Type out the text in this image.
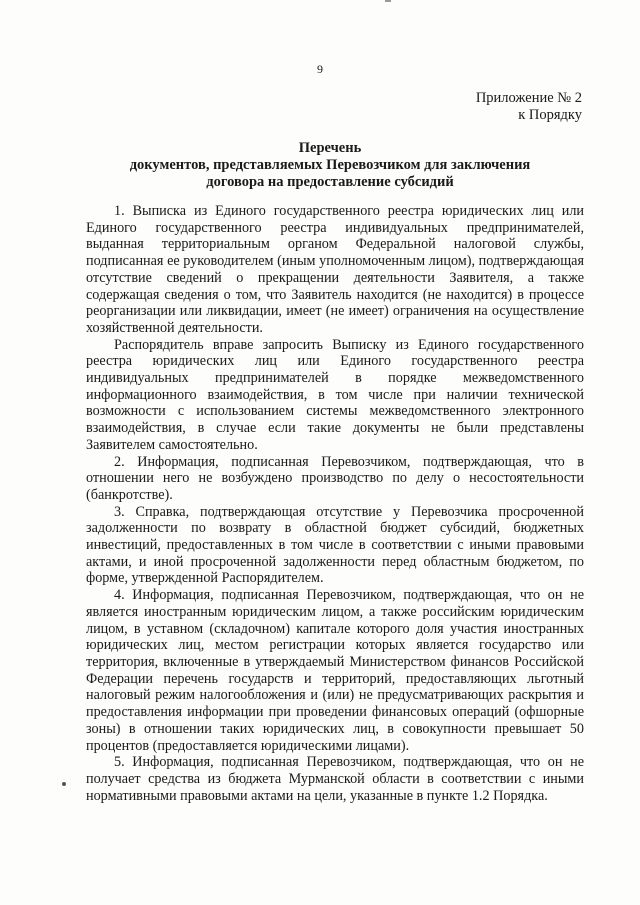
9
Приложение № 2
к Порядку
Перечень
документов, представляемых Перевозчиком для заключения
договора на предоставление субсидий

1. Выписка из Единого государственного реестра юридических лиц или Единого государственного реестра индивидуальных предпринимателей, выданная территориальным органом Федеральной налоговой службы, подписанная ее руководителем (иным уполномоченным лицом), подтверждающая отсутствие сведений о прекращении деятельности Заявителя, а также содержащая сведения о том, что Заявитель находится (не находится) в процессе реорганизации или ликвидации, имеет (не имеет) ограничения на осуществление хозяйственной деятельности.

Распорядитель вправе запросить Выписку из Единого государственного реестра юридических лиц или Единого государственного реестра индивидуальных предпринимателей в порядке межведомственного информационного взаимодействия, в том числе при наличии технической возможности с использованием системы межведомственного электронного взаимодействия, в случае если такие документы не были представлены Заявителем самостоятельно.

2. Информация, подписанная Перевозчиком, подтверждающая, что в отношении него не возбуждено производство по делу о несостоятельности (банкротстве).

3. Справка, подтверждающая отсутствие у Перевозчика просроченной задолженности по возврату в областной бюджет субсидий, бюджетных инвестиций, предоставленных в том числе в соответствии с иными правовыми актами, и иной просроченной задолженности перед областным бюджетом, по форме, утвержденной Распорядителем.

4. Информация, подписанная Перевозчиком, подтверждающая, что он не является иностранным юридическим лицом, а также российским юридическим лицом, в уставном (складочном) капитале которого доля участия иностранных юридических лиц, местом регистрации которых является государство или территория, включенные в утверждаемый Министерством финансов Российской Федерации перечень государств и территорий, предоставляющих льготный налоговый режим налогообложения и (или) не предусматривающих раскрытия и предоставления информации при проведении финансовых операций (офшорные зоны) в отношении таких юридических лиц, в совокупности превышает 50 процентов (предоставляется юридическими лицами).

5. Информация, подписанная Перевозчиком, подтверждающая, что он не получает средства из бюджета Мурманской области в соответствии с иными нормативными правовыми актами на цели, указанные в пункте 1.2 Порядка.
